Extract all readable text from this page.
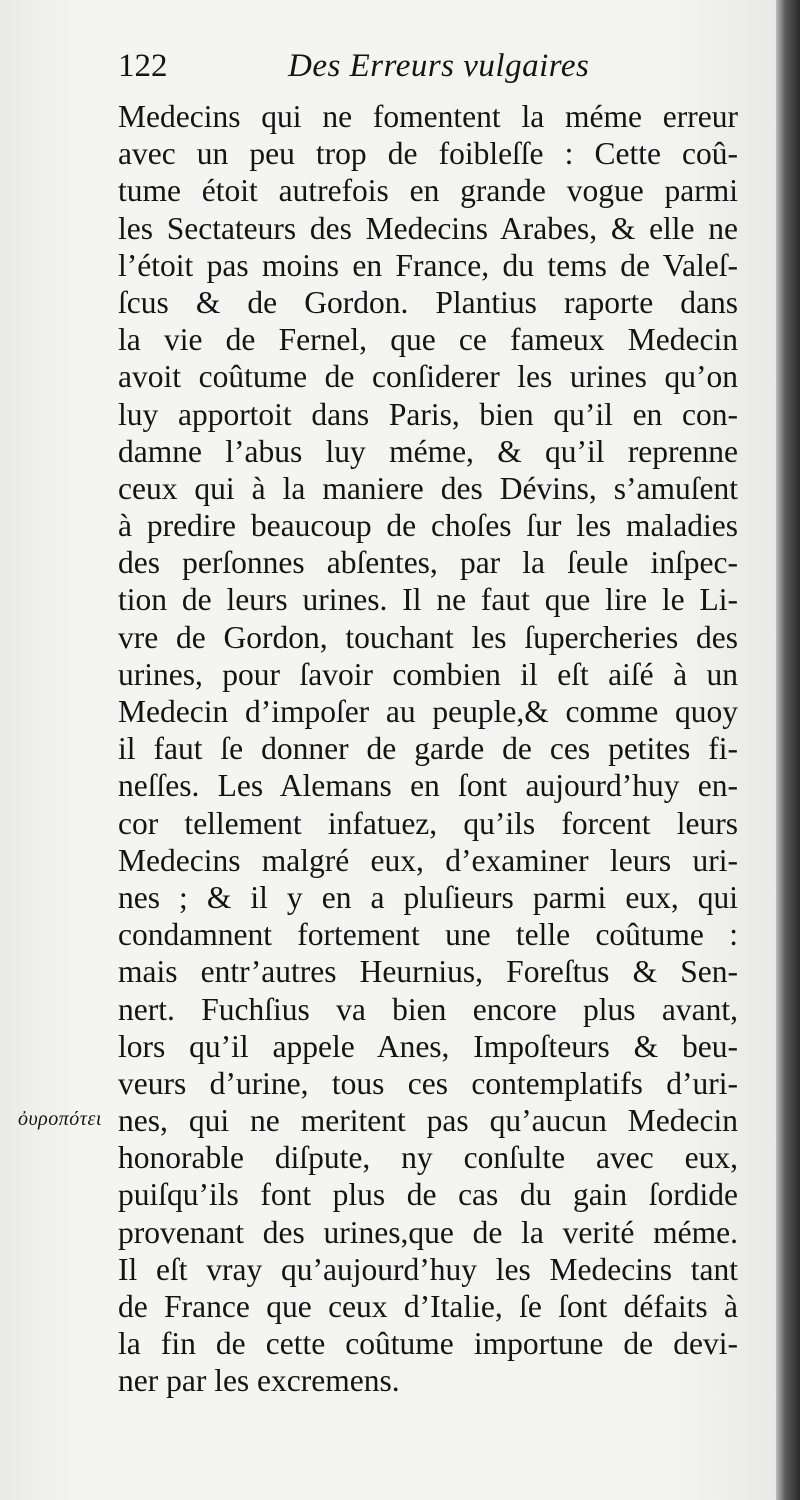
122	Des Erreurs vulgaires
Medecins qui ne fomentent la méme erreur
avec un peu trop de foibleſſe : Cette coû-
tume étoit autrefois en grande vogue parmi
les Sectateurs des Medecins Arabes, & elle ne
l’étoit pas moins en France, du tems de Valeſ-
ſcus & de Gordon. Plantius raporte dans
la vie de Fernel, que ce fameux Medecin
avoit coûtume de conſiderer les urines qu’on
luy apportoit dans Paris, bien qu’il en con-
damne l’abus luy méme, & qu’il reprenne
ceux qui à la maniere des Dévins, s’amuſent
à predire beaucoup de choſes ſur les maladies
des perſonnes abſentes, par la ſeule inſpec-
tion de leurs urines. Il ne faut que lire le Li-
vre de Gordon, touchant les ſupercheries des
urines, pour ſavoir combien il eſt aiſé à un
Medecin d’impoſer au peuple,& comme quoy
il faut ſe donner de garde de ces petites fi-
neſſes. Les Alemans en ſont aujourd’huy en-
cor tellement infatuez, qu’ils forcent leurs
Medecins malgré eux, d’examiner leurs uri-
nes ; & il y en a pluſieurs parmi eux, qui
condamnent fortement une telle coûtume :
mais entr’autres Heurnius, Foreſtus & Sen-
nert. Fuchſius va bien encore plus avant,
lors qu’il appele Anes, Impoſteurs & beu-
veurs d’urine, tous ces contemplatifs d’uri-
nes, qui ne meritent pas qu’aucun Medecin
honorable diſpute, ny conſulte avec eux,
puiſqu’ils font plus de cas du gain ſordide
provenant des urines,que de la verité méme.
Il eſt vray qu’aujourd’huy les Medecins tant
de France que ceux d’Italie, ſe ſont défaits à
la fin de cette coûtume importune de devi-
ner par les excremens.
ὀυροπότει
